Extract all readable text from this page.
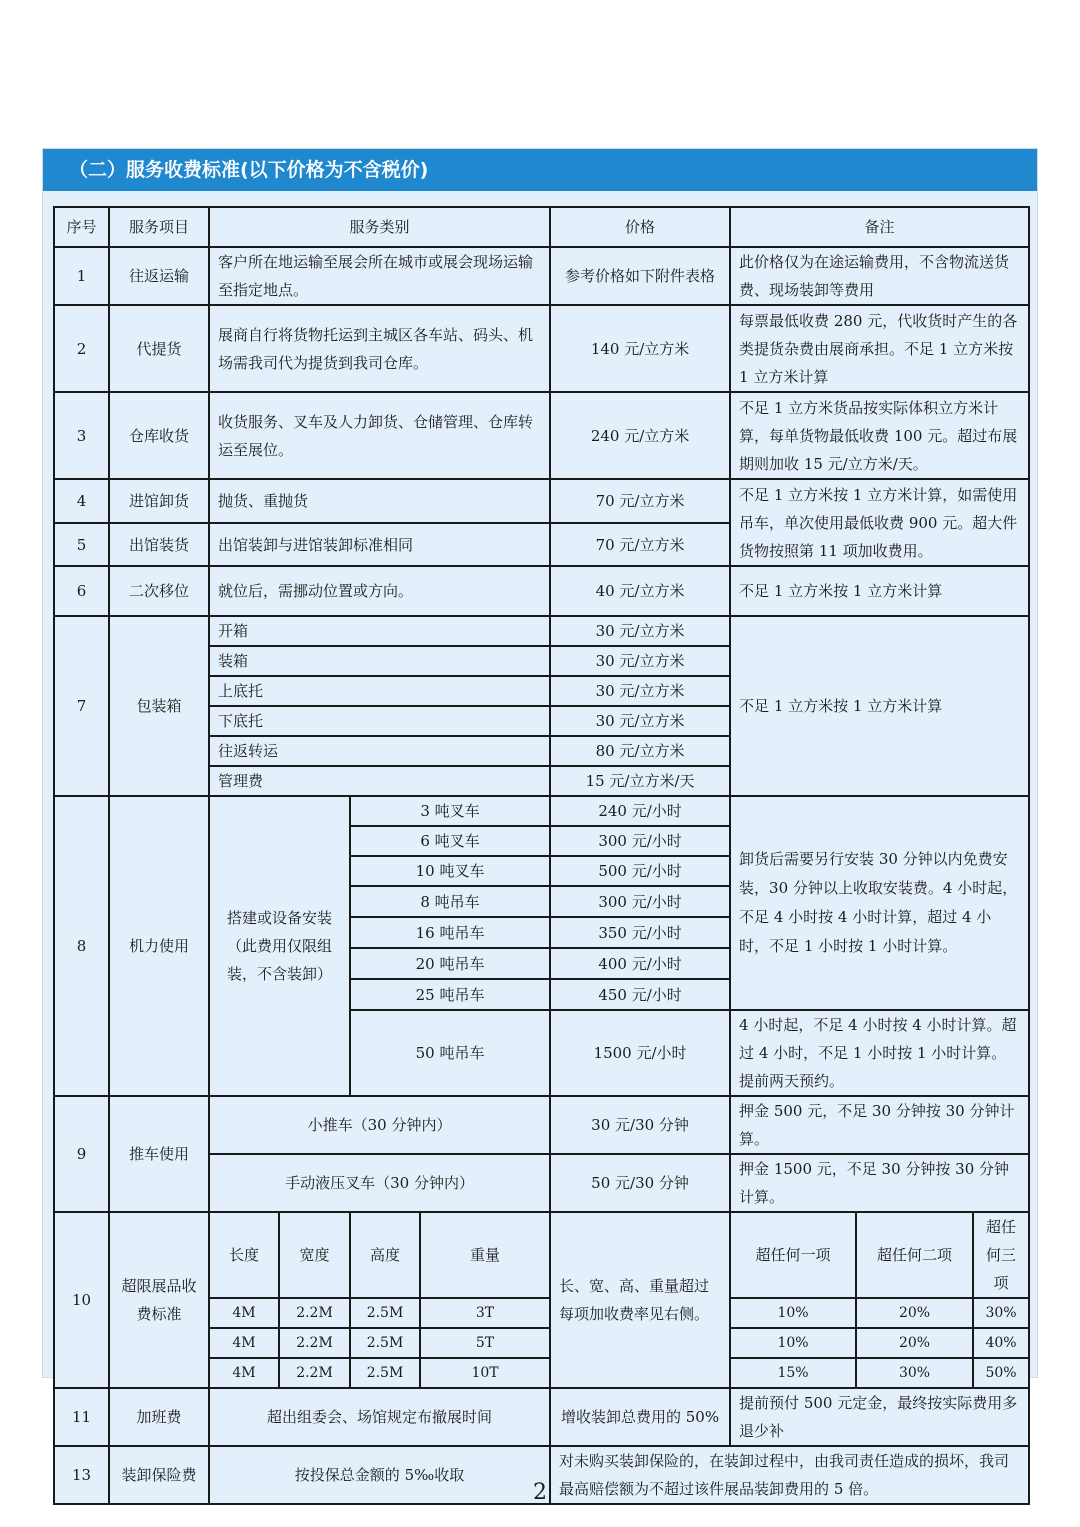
（二）服务收费标准(以下价格为不含税价)
序号	服务项目	服务类别				价格	备注		
1	往返运输	客户所在地运输至展会所在城市或展会现场运输至指定地点。				参考价格如下附件表格	此价格仅为在途运输费用，不含物流送货费、现场装卸等费用		
2	代提货	展商自行将货物托运到主城区各车站、码头、机场需我司代为提货到我司仓库。				140 元/立方米	每票最低收费 280 元，代收货时产生的各类提货杂费由展商承担。不足 1 立方米按 1 立方米计算		
3	仓库收货	收货服务、叉车及人力卸货、仓储管理、仓库转运至展位。				240 元/立方米	不足 1 立方米货品按实际体积立方米计算，每单货物最低收费 100 元。超过布展期则加收 15 元/立方米/天。		
4	进馆卸货	抛货、重抛货				70 元/立方米	不足 1 立方米按 1 立方米计算，如需使用吊车，单次使用最低收费 900 元。超大件货物按照第 11 项加收费用。		
5	出馆装货	出馆装卸与进馆装卸标准相同				70 元/立方米			
6	二次移位	就位后，需挪动位置或方向。				40 元/立方米	不足 1 立方米按 1 立方米计算		
7	包装箱	开箱				30 元/立方米	不足 1 立方米按 1 立方米计算		
		装箱				30 元/立方米			
		上底托				30 元/立方米			
		下底托				30 元/立方米			
		往返转运				80 元/立方米			
		管理费				15 元/立方米/天			
8	机力使用	搭建或设备安装（此费用仅限组装，不含装卸）		3 吨叉车		240 元/小时	卸货后需要另行安装 30 分钟以内免费安装，30 分钟以上收取安装费。4 小时起，不足 4 小时按 4 小时计算，超过 4 小时，不足 1 小时按 1 小时计算。		
				6 吨叉车		300 元/小时			
				10 吨叉车		500 元/小时			
				8 吨吊车		300 元/小时			
				16 吨吊车		350 元/小时			
				20 吨吊车		400 元/小时			
				25 吨吊车		450 元/小时			
				50 吨吊车		1500 元/小时	4 小时起，不足 4 小时按 4 小时计算。超过 4 小时，不足 1 小时按 1 小时计算。提前两天预约。		
9	推车使用	小推车（30 分钟内）				30 元/30 分钟	押金 500 元，不足 30 分钟按 30 分钟计算。		
		手动液压叉车（30 分钟内）				50 元/30 分钟	押金 1500 元，不足 30 分钟按 30 分钟计算。		
10	超限展品收费标准	长度	宽度	高度	重量	长、宽、高、重量超过每项加收费率见右侧。	超任何一项	超任何二项	超任何三项
		4M	2.2M	2.5M	3T		10%	20%	30%
		4M	2.2M	2.5M	5T		10%	20%	40%
		4M	2.2M	2.5M	10T		15%	30%	50%
11	加班费	超出组委会、场馆规定布撤展时间				增收装卸总费用的 50%	提前预付 500 元定金，最终按实际费用多退少补		
13	装卸保险费	按投保总金额的 5‰收取				对未购买装卸保险的，在装卸过程中，由我司责任造成的损坏，我司最高赔偿额为不超过该件展品装卸费用的 5 倍。			
2
